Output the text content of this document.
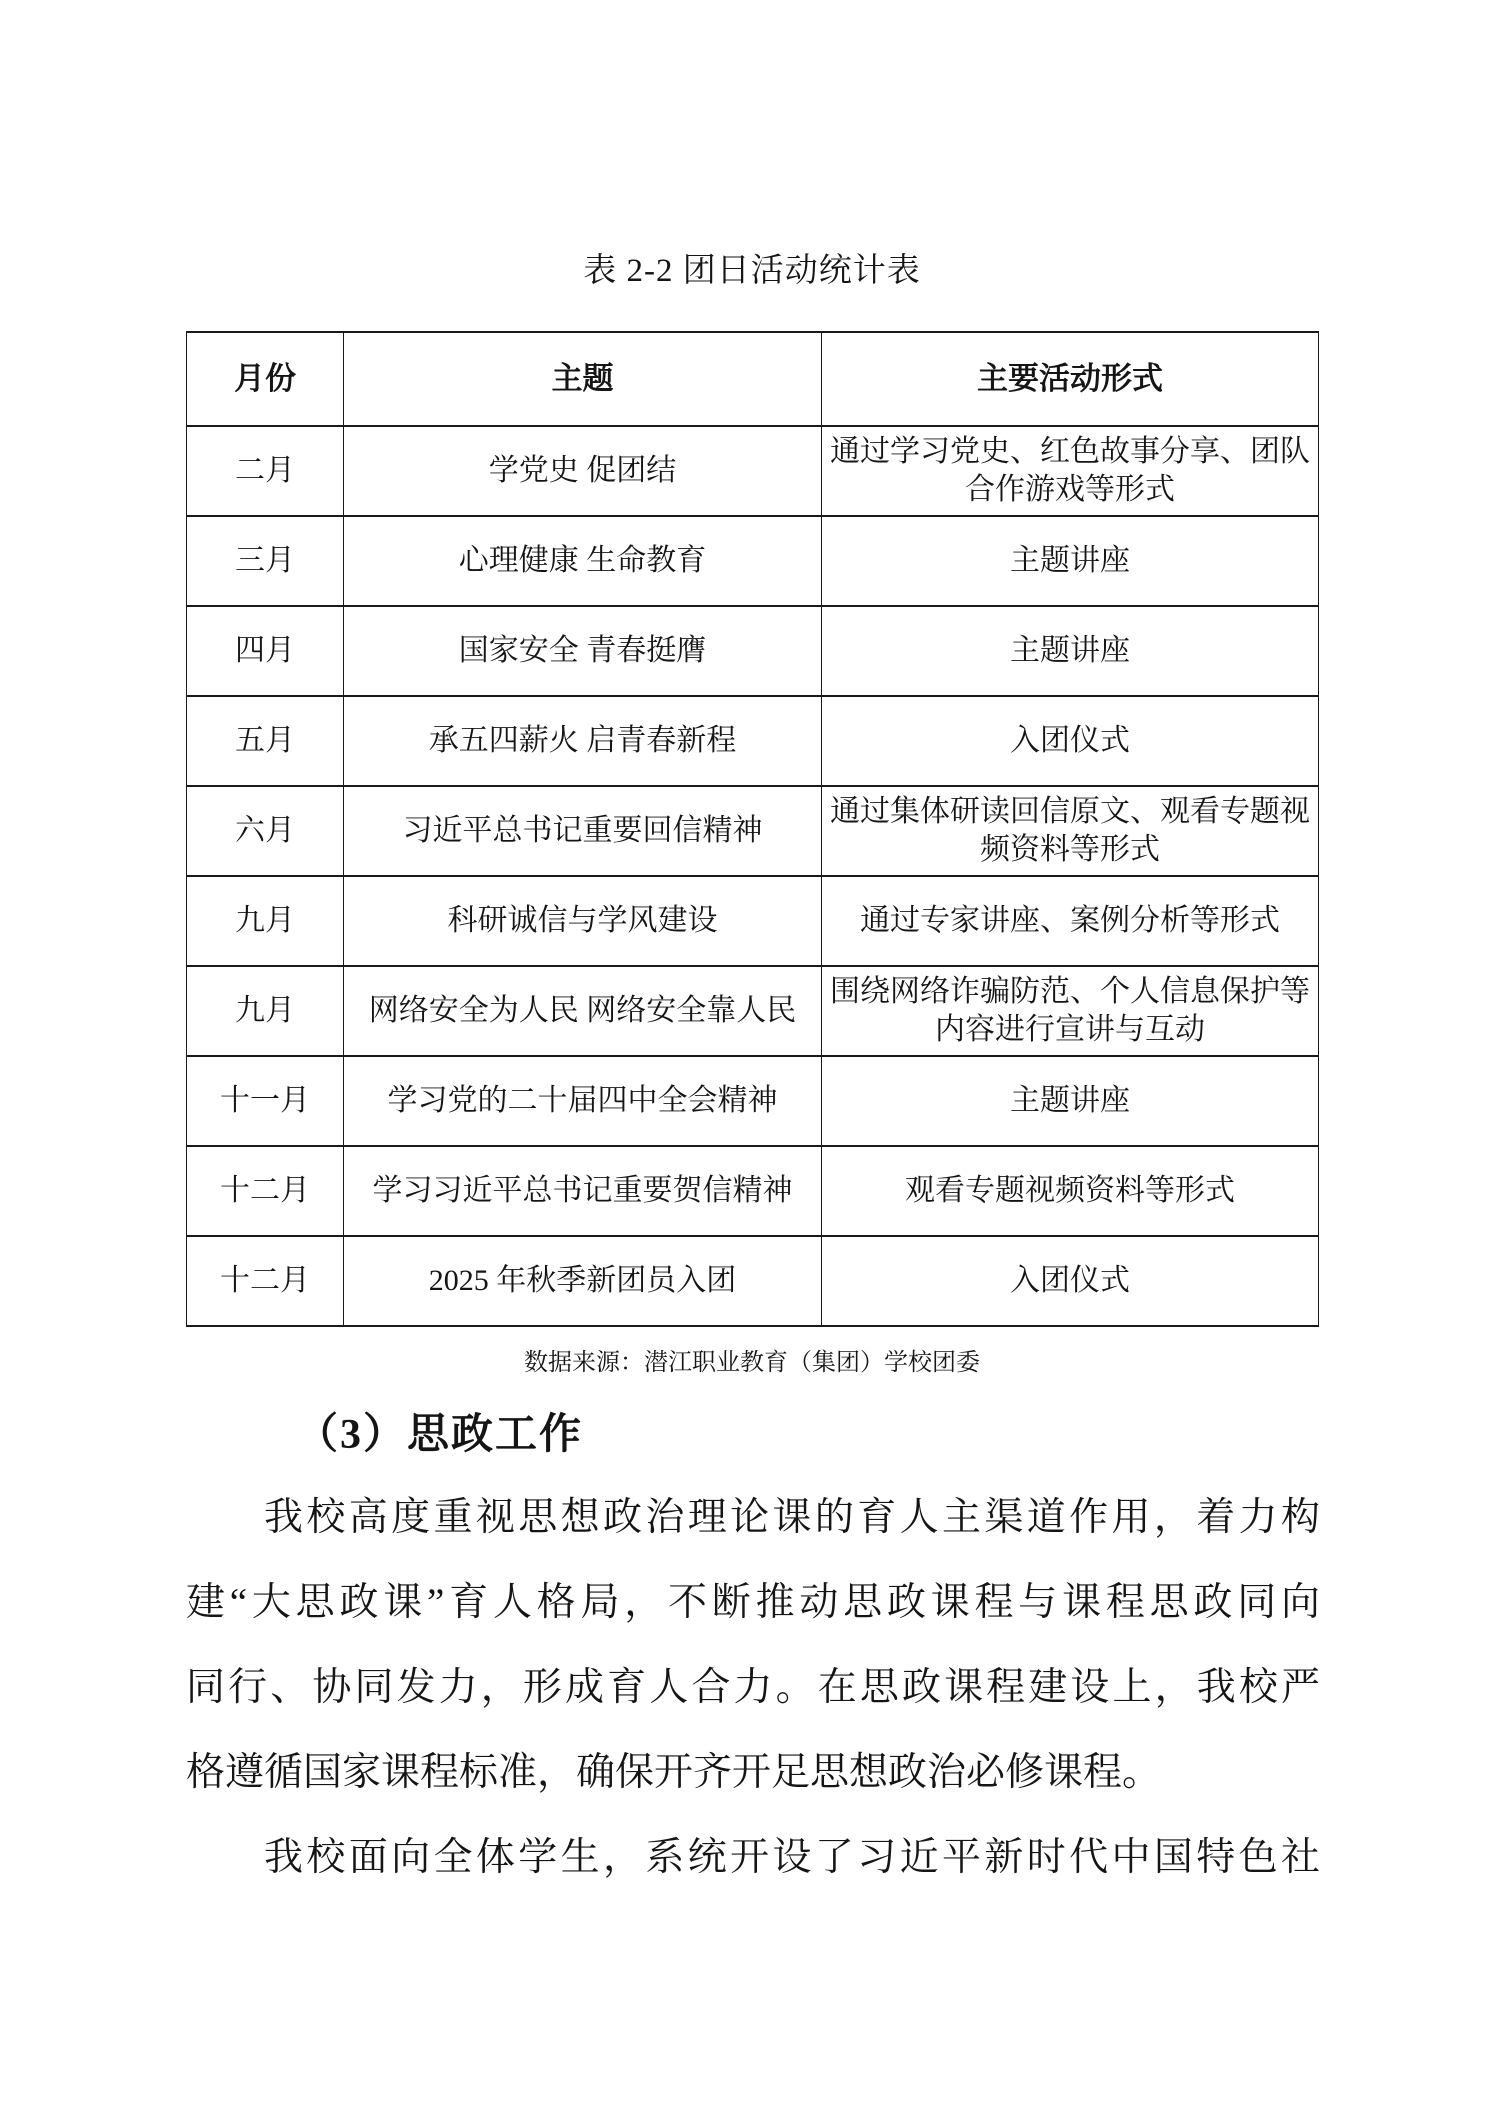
表 2-2 团日活动统计表
月份	主题	主要活动形式
二月	学党史 促团结	通过学习党史、红色故事分享、团队合作游戏等形式
三月	心理健康 生命教育	主题讲座
四月	国家安全 青春挺膺	主题讲座
五月	承五四薪火 启青春新程	入团仪式
六月	习近平总书记重要回信精神	通过集体研读回信原文、观看专题视频资料等形式
九月	科研诚信与学风建设	通过专家讲座、案例分析等形式
九月	网络安全为人民 网络安全靠人民	围绕网络诈骗防范、个人信息保护等内容进行宣讲与互动
十一月	学习党的二十届四中全会精神	主题讲座
十二月	学习习近平总书记重要贺信精神	观看专题视频资料等形式
十二月	2025 年秋季新团员入团	入团仪式
数据来源：潜江职业教育（集团）学校团委
（3）思政工作
我校高度重视思想政治理论课的育人主渠道作用，着力构
建“大思政课”育人格局，不断推动思政课程与课程思政同向
同行、协同发力，形成育人合力。在思政课程建设上，我校严
格遵循国家课程标准，确保开齐开足思想政治必修课程。
我校面向全体学生，系统开设了习近平新时代中国特色社
